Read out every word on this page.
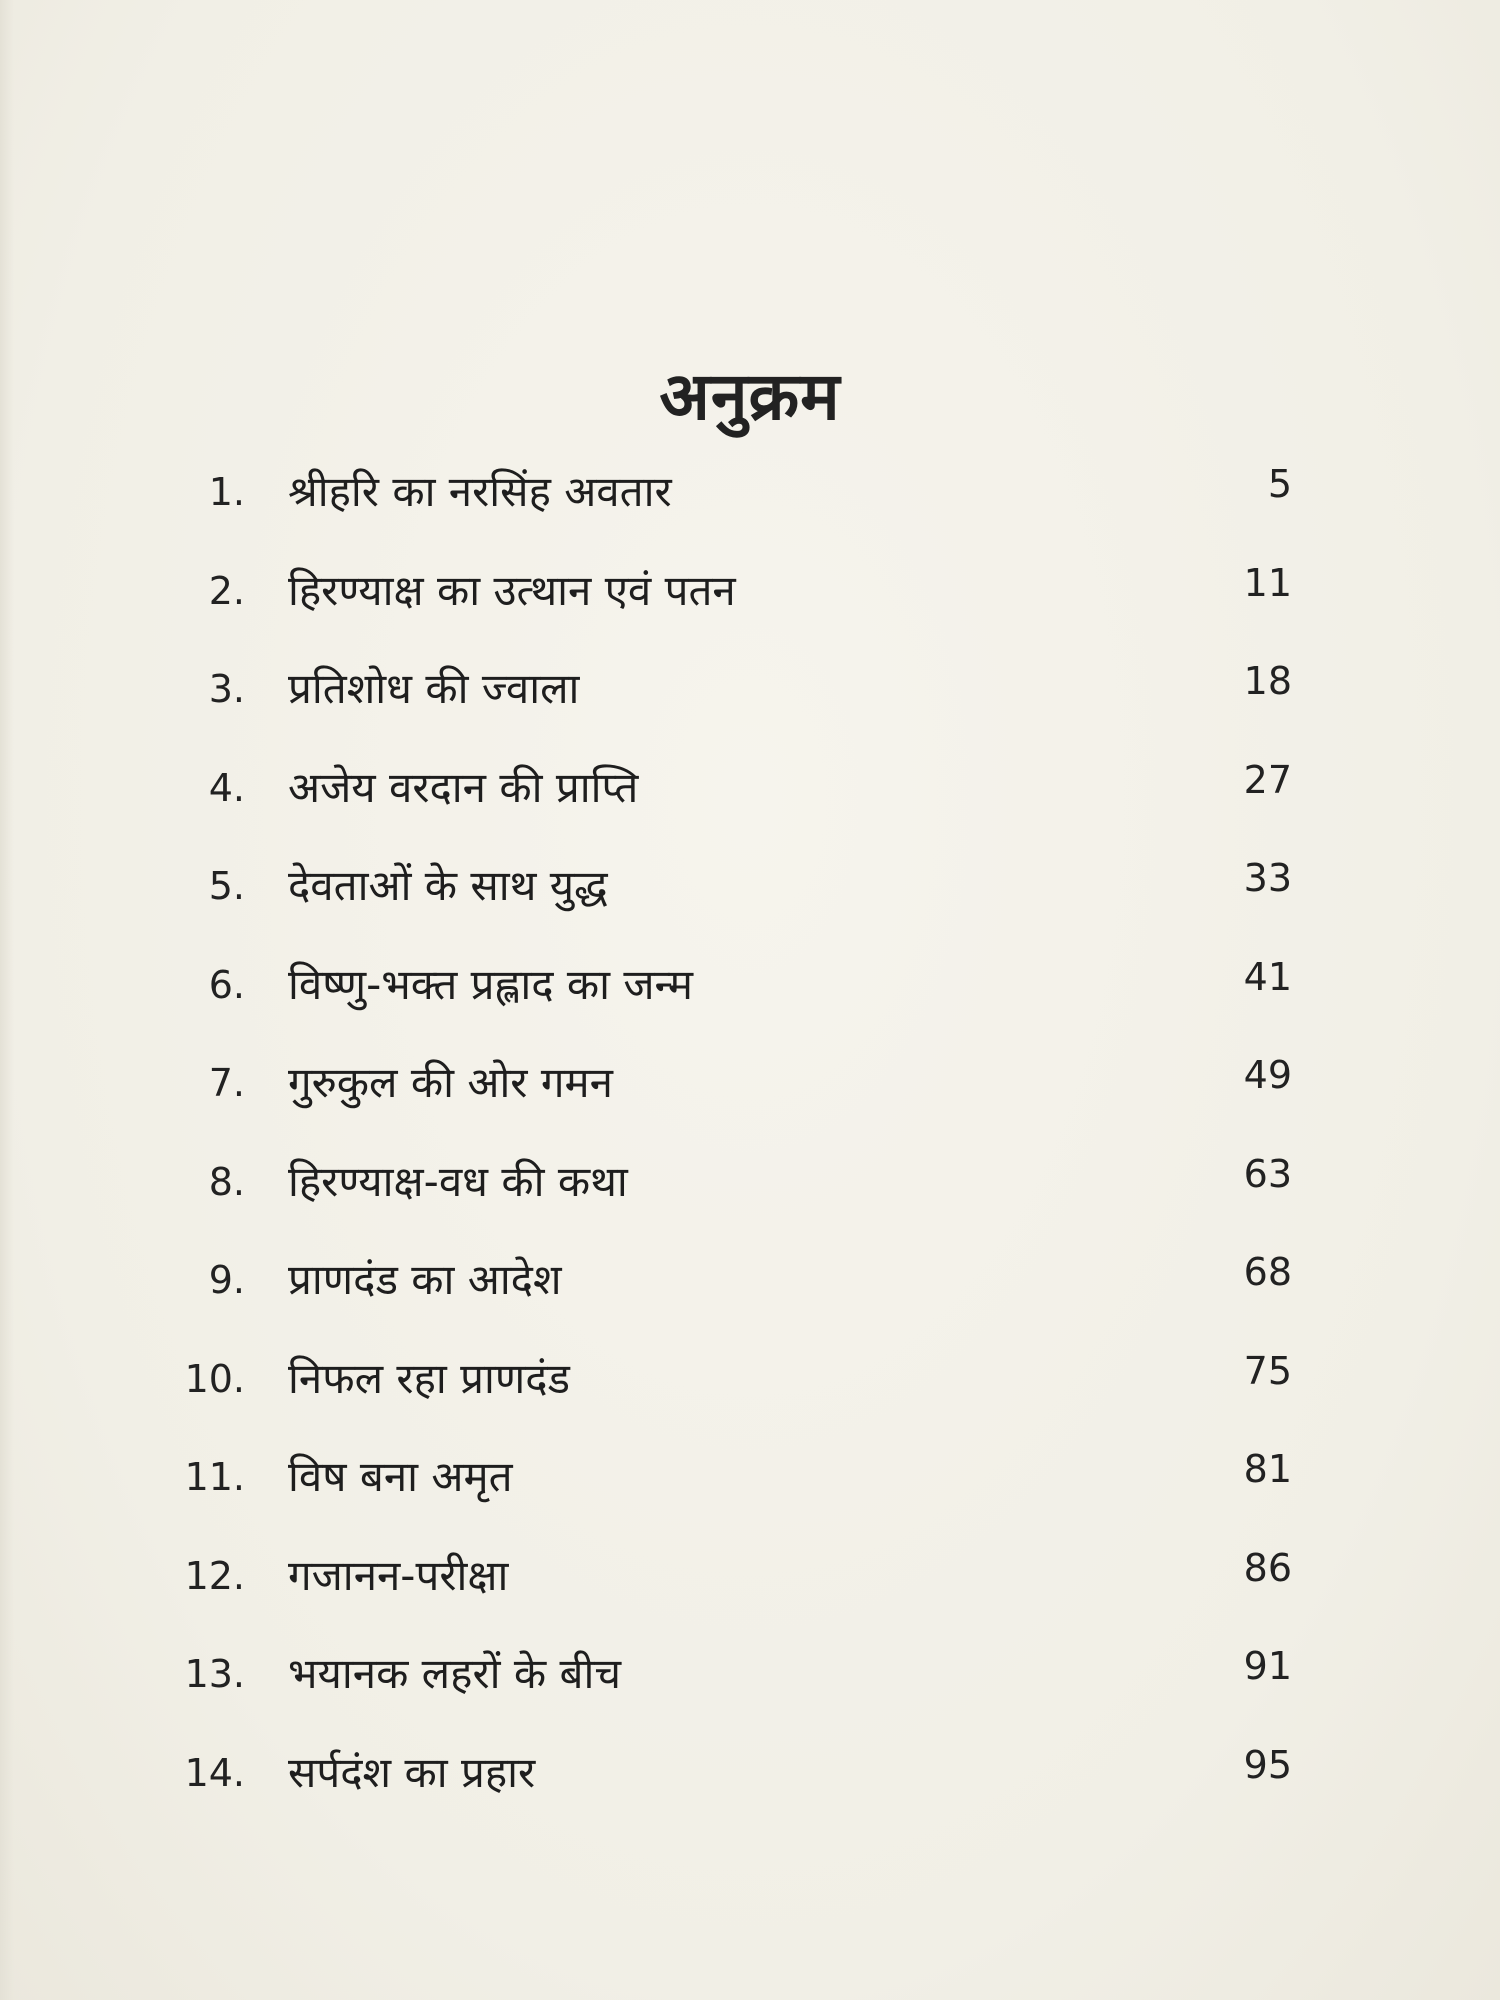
अनुक्रम
1. श्रीहरि का नरसिंह अवतार	5
2. हिरण्याक्ष का उत्थान एवं पतन	11
3. प्रतिशोध की ज्वाला	18
4. अजेय वरदान की प्राप्ति	27
5. देवताओं के साथ युद्ध	33
6. विष्णु-भक्त प्रह्लाद का जन्म	41
7. गुरुकुल की ओर गमन	49
8. हिरण्याक्ष-वध की कथा	63
9. प्राणदंड का आदेश	68
10. निफल रहा प्राणदंड	75
11. विष बना अमृत	81
12. गजानन-परीक्षा	86
13. भयानक लहरों के बीच	91
14. सर्पदंश का प्रहार	95
